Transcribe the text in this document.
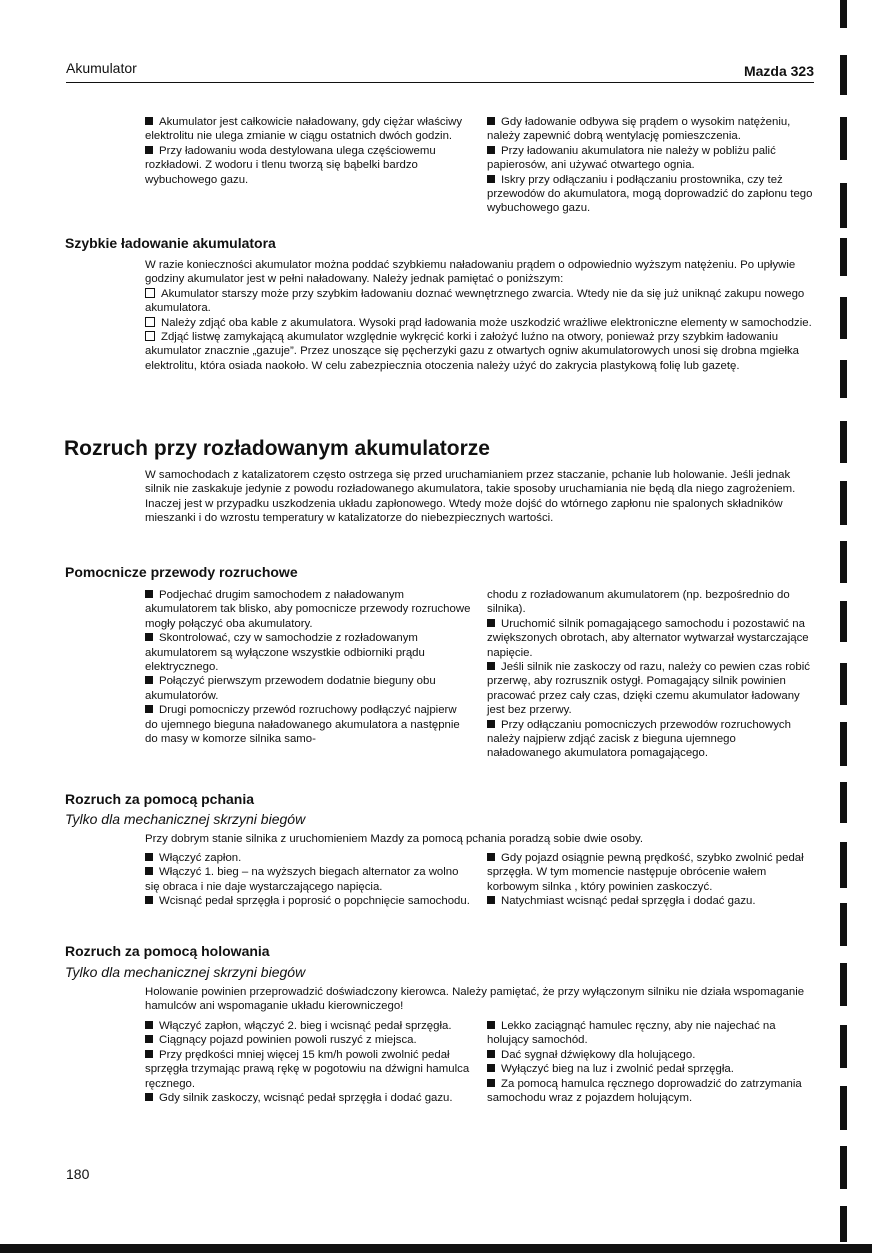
Akumulator	Mazda 323

Akumulator jest całkowicie naładowany, gdy ciężar właściwy elektrolitu nie ulega zmianie w ciągu ostatnich dwóch godzin.

Przy ładowaniu woda destylowana ulega częściowemu rozkładowi. Z wodoru i tlenu tworzą się bąbelki bardzo wybuchowego gazu.

Gdy ładowanie odbywa się prądem o wysokim natężeniu, należy zapewnić dobrą wentylację pomieszczenia.

Przy ładowaniu akumulatora nie należy w pobliżu palić papierosów, ani używać otwartego ognia.

Iskry przy odłączaniu i podłączaniu prostownika, czy też przewodów do akumulatora, mogą doprowadzić do zapłonu tego wybuchowego gazu.

Szybkie ładowanie akumulatora

W razie konieczności akumulator można poddać szybkiemu naładowaniu prądem o odpowiednio wyższym natężeniu. Po upływie godziny akumulator jest w pełni naładowany. Należy jednak pamiętać o poniższym:

Akumulator starszy może przy szybkim ładowaniu doznać wewnętrznego zwarcia. Wtedy nie da się już uniknąć zakupu nowego akumulatora.

Należy zdjąć oba kable z akumulatora. Wysoki prąd ładowania może uszkodzić wrażliwe elektroniczne elementy w samochodzie.

Zdjąć listwę zamykającą akumulator względnie wykręcić korki i założyć luźno na otwory, ponieważ przy szybkim ładowaniu akumulator znacznie „gazuje”. Przez unoszące się pęcherzyki gazu z otwartych ogniw akumulatorowych unosi się drobna mgiełka elektrolitu, która osiada naokoło. W celu zabezpiecznia otoczenia należy użyć do zakrycia plastykową folię lub gazetę.

Rozruch przy rozładowanym akumulatorze

W samochodach z katalizatorem często ostrzega się przed uruchamianiem przez staczanie, pchanie lub holowanie. Jeśli jednak silnik nie zaskakuje jedynie z powodu rozładowanego akumulatora, takie sposoby uruchamiania nie będą dla niego zagrożeniem. Inaczej jest w przypadku uszkodzenia układu zapłonowego. Wtedy może dojść do wtórnego zapłonu nie spalonych składników mieszanki i do wzrostu temperatury w katalizatorze do niebezpiecznych wartości.

Pomocnicze przewody rozruchowe

Podjechać drugim samochodem z naładowanym akumulatorem tak blisko, aby pomocnicze przewody rozruchowe mogły połączyć oba akumulatory.

Skontrolować, czy w samochodzie z rozładowanym akumulatorem są wyłączone wszystkie odbiorniki prądu elektrycznego.

Połączyć pierwszym przewodem dodatnie bieguny obu akumulatorów.

Drugi pomocniczy przewód rozruchowy podłączyć najpierw do ujemnego bieguna naładowanego akumulatora a następnie do masy w komorze silnika samo-

chodu z rozładowanum akumulatorem (np. bezpośrednio do silnika).

Uruchomić silnik pomagającego samochodu i pozostawić na zwiększonych obrotach, aby alternator wytwarzał wystarczające napięcie.

Jeśli silnik nie zaskoczy od razu, należy co pewien czas robić przerwę, aby rozrusznik ostygł. Pomagający silnik powinien pracować przez cały czas, dzięki czemu akumulator ładowany jest bez przerwy.

Przy odłączaniu pomocniczych przewodów rozruchowych należy najpierw zdjąć zacisk z bieguna ujemnego naładowanego akumulatora pomagającego.

Rozruch za pomocą pchania

Tylko dla mechanicznej skrzyni biegów

Przy dobrym stanie silnika z uruchomieniem Mazdy za pomocą pchania poradzą sobie dwie osoby.

Włączyć zapłon.

Włączyć 1. bieg – na wyższych biegach alternator za wolno się obraca i nie daje wystarczającego napięcia.

Wcisnąć pedał sprzęgła i poprosić o popchnięcie samochodu.

Gdy pojazd osiągnie pewną prędkość, szybko zwolnić pedał sprzęgła. W tym momencie następuje obrócenie wałem korbowym silnka , który powinien zaskoczyć.

Natychmiast wcisnąć pedał sprzęgła i dodać gazu.

Rozruch za pomocą holowania

Tylko dla mechanicznej skrzyni biegów

Holowanie powinien przeprowadzić doświadczony kierowca. Należy pamiętać, że przy wyłączonym silniku nie działa wspomaganie hamulców ani wspomaganie układu kierowniczego!

Włączyć zapłon, włączyć 2. bieg i wcisnąć pedał sprzęgła.

Ciągnący pojazd powinien powoli ruszyć z miejsca.

Przy prędkości mniej więcej 15 km/h powoli zwolnić pedał sprzęgła trzymając prawą rękę w pogotowiu na dźwigni hamulca ręcznego.

Gdy silnik zaskoczy, wcisnąć pedał sprzęgła i dodać gazu.

Lekko zaciągnąć hamulec ręczny, aby nie najechać na holujący samochód.

Dać sygnał dźwiękowy dla holującego.

Wyłączyć bieg na luz i zwolnić pedał sprzęgła.

Za pomocą hamulca ręcznego doprowadzić do zatrzymania samochodu wraz z pojazdem holującym.

180
